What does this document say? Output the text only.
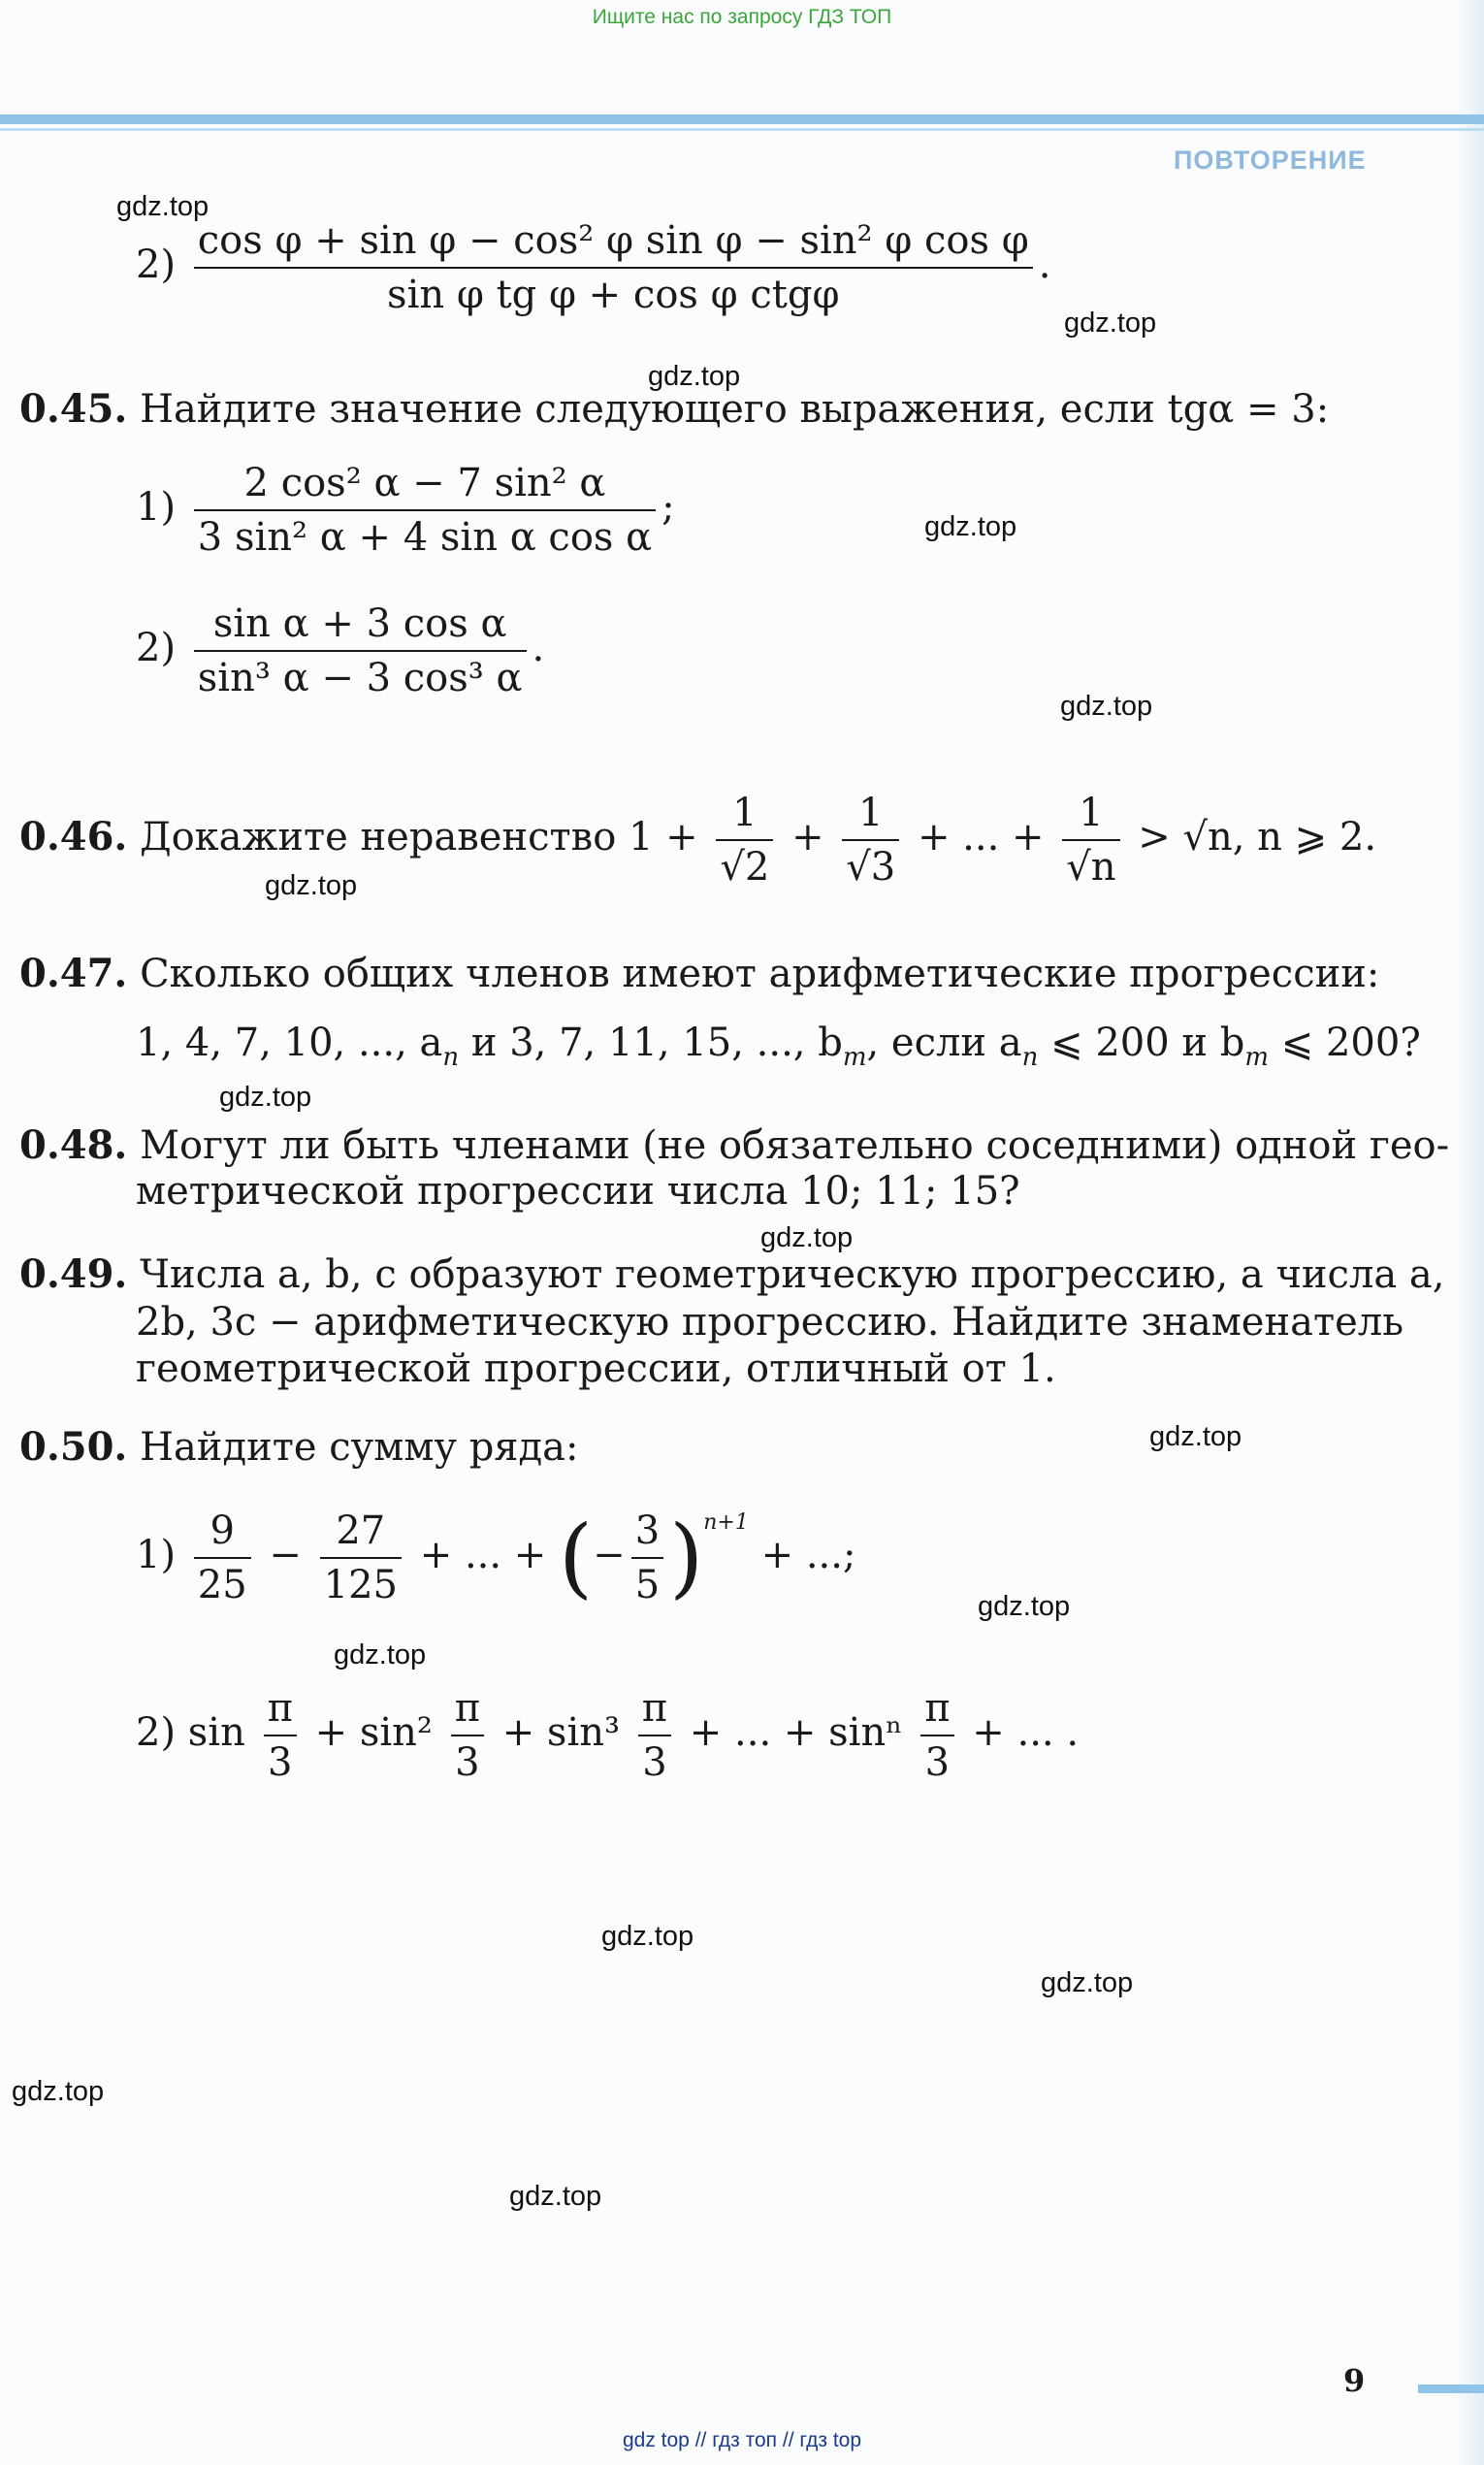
Ищите нас по запросу ГДЗ ТОП
ПОВТОРЕНИЕ
$2) \frac{\text{cos φ + sin φ − cos² φ sin φ − sin² φ cos φ}}{\text{sin φ tg φ + cos φ ctgφ}}$ .
0.45. Найдите значение следующего выражения, если tgα = 3:
$1) \frac{\text{2 cos² α − 7 sin² α}}{\text{3 sin² α + 4 sin α cos α}}$ ;
$2) \frac{\text{sin α + 3 cos α}}{\text{sin³ α − 3 cos³ α}}$ .
0.46. Докажите неравенство $1 + \frac{1}{√2} + \frac{1}{√3}$ + ... + $\frac{1}{√n} > √n$, n ⩾ 2.
0.47. Сколько общих членов имеют арифметические прогрессии:
1, 4, 7, 10, ..., $a_n$ и 3, 7, 11, 15, ..., $b_m$, если $a_n$ ⩽ 200 и $b_m$ ⩽ 200?
0.48. Могут ли быть членами (не обязательно соседними) одной гео-
метрической прогрессии числа 10; 11; 15?
0.49. Числа a, b, c образуют геометрическую прогрессию, а числа a,
2b, 3c − арифметическую прогрессию. Найдите знаменатель
геометрической прогрессии, отличный от 1.
0.50. Найдите сумму ряда:
$1) \frac{9}{25} - \frac{27}{125}$ + ... + (− $\frac{3}{5} )^{n+1}$ + ...;
2) $\sin \frac{\pi}{3} + \sin^2 \frac{\pi}{3} + \sin^3 \frac{\pi}{3}$ + ... + sinⁿ $\frac{\pi}{3}$ + ... .
gdz.top
gdz.top
gdz.top
gdz.top
gdz.top
gdz.top
gdz.top
gdz.top
gdz.top
gdz.top
gdz.top
gdz.top
gdz.top
gdz.top
gdz.top
9
gdz top // гдз топ // гдз top
